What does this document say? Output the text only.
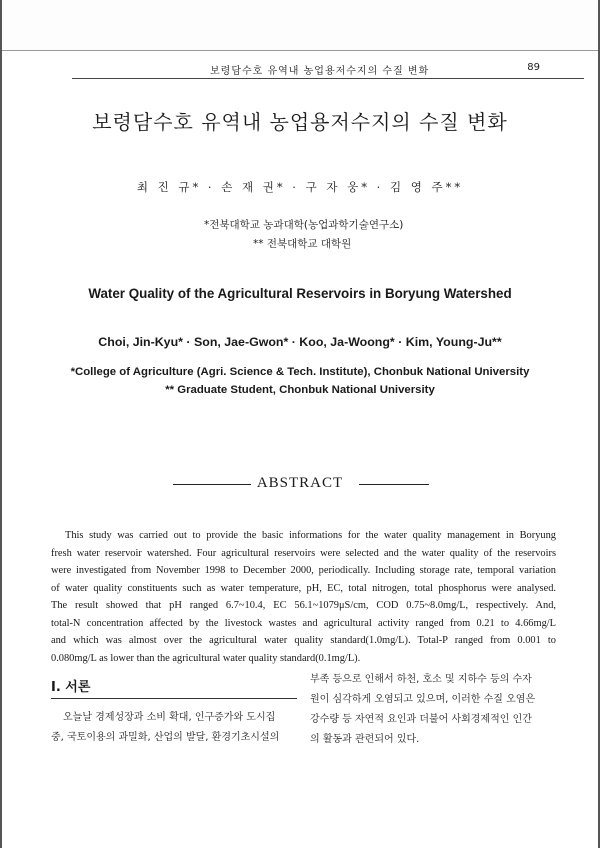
보령담수호 유역내 농업용저수지의 수질 변화	89
보령담수호 유역내 농업용저수지의 수질 변화
최 진 규* · 손 재 권* · 구 자 웅* · 김 영 주**
*전북대학교 농과대학(농업과학기술연구소)
** 전북대학교 대학원
Water Quality of the Agricultural Reservoirs in Boryung Watershed
Choi, Jin-Kyu* · Son, Jae-Gwon* · Koo, Ja-Woong* · Kim, Young-Ju**
*College of Agriculture (Agri. Science & Tech. Institute), Chonbuk National University
** Graduate Student, Chonbuk National University
ABSTRACT
This study was carried out to provide the basic informations for the water quality management in Boryung
fresh water reservoir watershed. Four agricultural reservoirs were selected and the water quality of the reservoirs
were investigated from November 1998 to December 2000, periodically. Including storage rate, temporal variation
of water quality constituents such as water temperature, pH, EC, total nitrogen, total phosphorus were analysed.
The result showed that pH ranged 6.7~10.4, EC 56.1~1079μS/cm, COD 0.75~8.0mg/L, respectively. And,
total-N concentration affected by the livestock wastes and agricultural activity ranged from 0.21 to 4.66mg/L
and which was almost over the agricultural water quality standard(1.0mg/L). Total-P ranged from 0.001 to
0.080mg/L as lower than the agricultural water quality standard(0.1mg/L).
Ⅰ. 서론
오늘날 경제성장과 소비 확대, 인구증가와 도시집
중, 국토이용의 과밀화, 산업의 발달, 환경기초시설의
부족 등으로 인해서 하천, 호소 및 지하수 등의 수자
원이 심각하게 오염되고 있으며, 이러한 수질 오염은
강수량 등 자연적 요인과 더불어 사회경제적인 인간
의 활동과 관련되어 있다.
